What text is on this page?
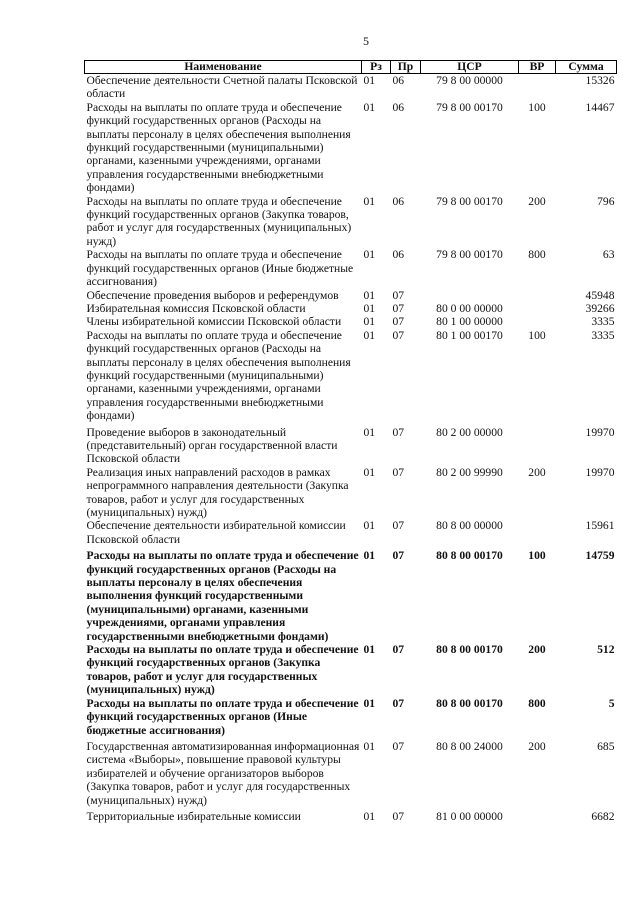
5
Наименование	Рз	Пр	ЦСР	ВР	Сумма
Обеспечение деятельности Счетной палаты Псковской области	01	06	79 8 00 00000		15326
Расходы на выплаты по оплате труда и обеспечение функций государственных органов (Расходы на выплаты персоналу в целях обеспечения выполнения функций государственными (муниципальными) органами, казенными учреждениями, органами управления государственными внебюджетными фондами)	01	06	79 8 00 00170	100	14467
Расходы на выплаты по оплате труда и обеспечение функций государственных органов (Закупка товаров, работ и услуг для государственных (муниципальных) нужд)	01	06	79 8 00 00170	200	796
Расходы на выплаты по оплате труда и обеспечение функций государственных органов (Иные бюджетные ассигнования)	01	06	79 8 00 00170	800	63
Обеспечение проведения выборов и референдумов	01	07			45948
Избирательная комиссия Псковской области	01	07	80 0 00 00000		39266
Члены избирательной комиссии Псковской области	01	07	80 1 00 00000		3335
Расходы на выплаты по оплате труда и обеспечение функций государственных органов (Расходы на выплаты персоналу в целях обеспечения выполнения функций государственными (муниципальными) органами, казенными учреждениями, органами управления государственными внебюджетными фондами)	01	07	80 1 00 00170	100	3335
Проведение выборов в законодательный (представительный) орган государственной власти Псковской области	01	07	80 2 00 00000		19970
Реализация иных направлений расходов в рамках непрограммного направления деятельности (Закупка товаров, работ и услуг для государственных (муниципальных) нужд)	01	07	80 2 00 99990	200	19970
Обеспечение деятельности избирательной комиссии Псковской области	01	07	80 8 00 00000		15961
Расходы на выплаты по оплате труда и обеспечение функций государственных органов (Расходы на выплаты персоналу в целях обеспечения выполнения функций государственными (муниципальными) органами, казенными учреждениями, органами управления государственными внебюджетными фондами)	01	07	80 8 00 00170	100	14759
Расходы на выплаты по оплате труда и обеспечение функций государственных органов (Закупка товаров, работ и услуг для государственных (муниципальных) нужд)	01	07	80 8 00 00170	200	512
Расходы на выплаты по оплате труда и обеспечение функций государственных органов (Иные бюджетные ассигнования)	01	07	80 8 00 00170	800	5
Государственная автоматизированная информационная система «Выборы», повышение правовой культуры избирателей и обучение организаторов выборов (Закупка товаров, работ и услуг для государственных (муниципальных) нужд)	01	07	80 8 00 24000	200	685
Территориальные избирательные комиссии	01	07	81 0 00 00000		6682
